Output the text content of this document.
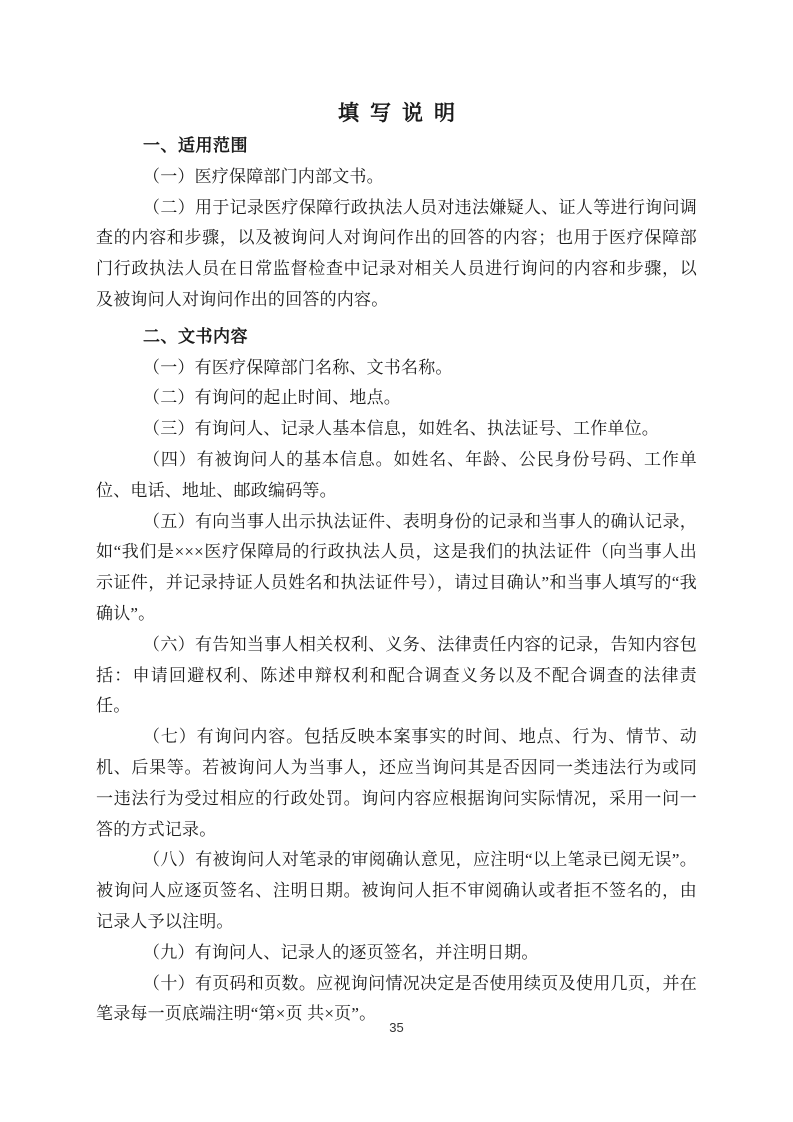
填写说明
一、适用范围

（一）医疗保障部门内部文书。

（二）用于记录医疗保障行政执法人员对违法嫌疑人、证人等进行询问调查的内容和步骤，以及被询问人对询问作出的回答的内容；也用于医疗保障部门行政执法人员在日常监督检查中记录对相关人员进行询问的内容和步骤，以及被询问人对询问作出的回答的内容。

二、文书内容

（一）有医疗保障部门名称、文书名称。

（二）有询问的起止时间、地点。

（三）有询问人、记录人基本信息，如姓名、执法证号、工作单位。

（四）有被询问人的基本信息。如姓名、年龄、公民身份号码、工作单位、电话、地址、邮政编码等。

（五）有向当事人出示执法证件、表明身份的记录和当事人的确认记录，如“我们是×××医疗保障局的行政执法人员，这是我们的执法证件（向当事人出示证件，并记录持证人员姓名和执法证件号），请过目确认”和当事人填写的“我确认”。

（六）有告知当事人相关权利、义务、法律责任内容的记录，告知内容包括：申请回避权利、陈述申辩权利和配合调查义务以及不配合调查的法律责任。

（七）有询问内容。包括反映本案事实的时间、地点、行为、情节、动机、后果等。若被询问人为当事人，还应当询问其是否因同一类违法行为或同一违法行为受过相应的行政处罚。询问内容应根据询问实际情况，采用一问一答的方式记录。

（八）有被询问人对笔录的审阅确认意见，应注明“以上笔录已阅无误”。被询问人应逐页签名、注明日期。被询问人拒不审阅确认或者拒不签名的，由记录人予以注明。

（九）有询问人、记录人的逐页签名，并注明日期。

（十）有页码和页数。应视询问情况决定是否使用续页及使用几页，并在笔录每一页底端注明“第×页 共×页”。

35
